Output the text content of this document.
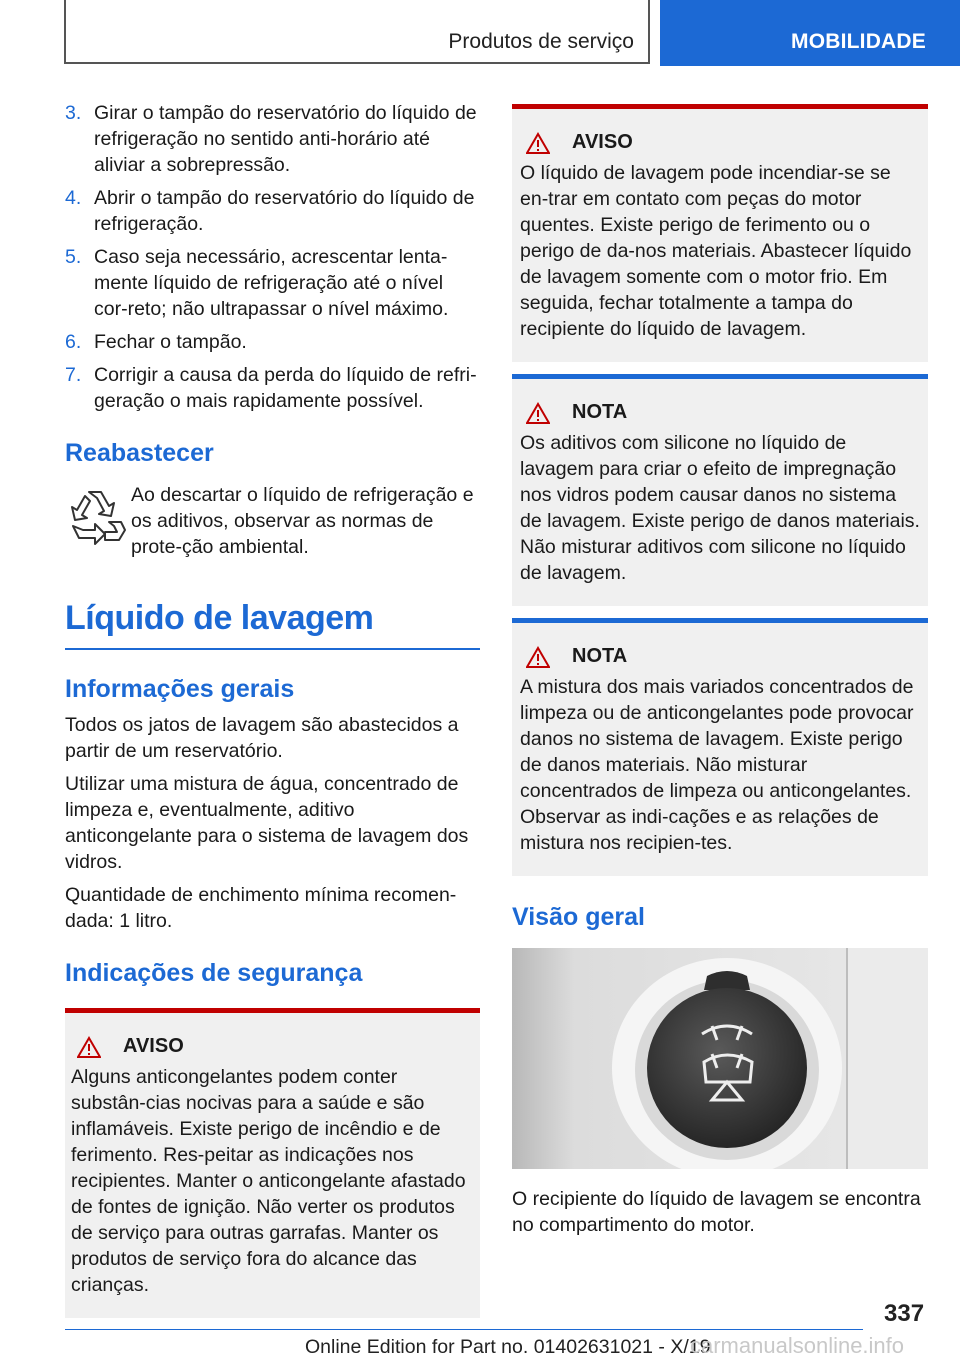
Produtos de serviço	MOBILIDADE
3. Girar o tampão do reservatório do líquido de refrigeração no sentido anti-horário até aliviar a sobrepressão.
4. Abrir o tampão do reservatório do líquido de refrigeração.
5. Caso seja necessário, acrescentar lenta-mente líquido de refrigeração até o nível cor-reto; não ultrapassar o nível máximo.
6. Fechar o tampão.
7. Corrigir a causa da perda do líquido de refri-geração o mais rapidamente possível.
Reabastecer
Ao descartar o líquido de refrigeração e os aditivos, observar as normas de prote-ção ambiental.
Líquido de lavagem
Informações gerais

Todos os jatos de lavagem são abastecidos a partir de um reservatório.

Utilizar uma mistura de água, concentrado de limpeza e, eventualmente, aditivo anticongelante para o sistema de lavagem dos vidros.

Quantidade de enchimento mínima recomen-dada: 1 litro.

Indicações de segurança
AVISO
Alguns anticongelantes podem conter substân-cias nocivas para a saúde e são inflamáveis. Existe perigo de incêndio e de ferimento. Res-peitar as indicações nos recipientes. Manter o anticongelante afastado de fontes de ignição. Não verter os produtos de serviço para outras garrafas. Manter os produtos de serviço fora do alcance das crianças.
AVISO
O líquido de lavagem pode incendiar-se se en-trar em contato com peças do motor quentes. Existe perigo de ferimento ou o perigo de da-nos materiais. Abastecer líquido de lavagem somente com o motor frio. Em seguida, fechar totalmente a tampa do recipiente do líquido de lavagem.
NOTA
Os aditivos com silicone no líquido de lavagem para criar o efeito de impregnação nos vidros podem causar danos no sistema de lavagem. Existe perigo de danos materiais. Não misturar aditivos com silicone no líquido de lavagem.
NOTA
A mistura dos mais variados concentrados de limpeza ou de anticongelantes pode provocar danos no sistema de lavagem. Existe perigo de danos materiais. Não misturar concentrados de limpeza ou anticongelantes. Observar as indi-cações e as relações de mistura nos recipien-tes.
Visão geral

O recipiente do líquido de lavagem se encontra no compartimento do motor.

337
Online Edition for Part no. 01402631021 - X/19
carmanualsonline.info
